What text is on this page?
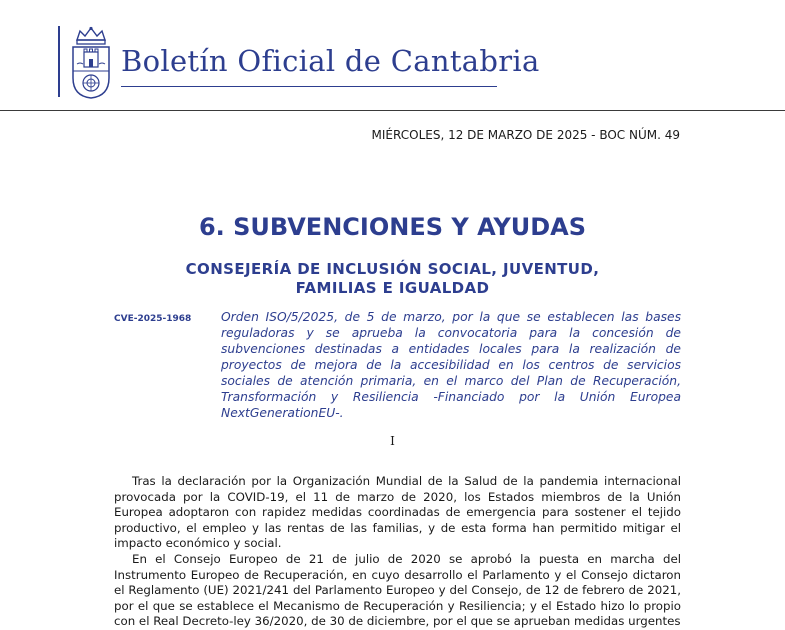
Boletín Oficial de Cantabria
MIÉRCOLES, 12 DE MARZO DE 2025 - BOC NÚM. 49
6. SUBVENCIONES Y AYUDAS
CONSEJERÍA DE INCLUSIÓN SOCIAL, JUVENTUD,
FAMILIAS E IGUALDAD
CVE-2025-1968 Orden ISO/5/2025, de 5 de marzo, por la que se establecen las bases reguladoras y se aprueba la convocatoria para la concesión de subvenciones destinadas a entidades locales para la realización de proyectos de mejora de la accesibilidad en los centros de servicios sociales de atención primaria, en el marco del Plan de Recuperación, Transformación y Resiliencia -Financiado por la Unión Europea NextGenerationEU-.
I
Tras la declaración por la Organización Mundial de la Salud de la pandemia internacional provocada por la COVID-19, el 11 de marzo de 2020, los Estados miembros de la Unión Europea adoptaron con rapidez medidas coordinadas de emergencia para sostener el tejido productivo, el empleo y las rentas de las familias, y de esta forma han permitido mitigar el impacto económico y social.
En el Consejo Europeo de 21 de julio de 2020 se aprobó la puesta en marcha del Instrumento Europeo de Recuperación, en cuyo desarrollo el Parlamento y el Consejo dictaron el Reglamento (UE) 2021/241 del Parlamento Europeo y del Consejo, de 12 de febrero de 2021, por el que se establece el Mecanismo de Recuperación y Resiliencia; y el Estado hizo lo propio con el Real Decreto-ley 36/2020, de 30 de diciembre, por el que se aprueban medidas urgentes
